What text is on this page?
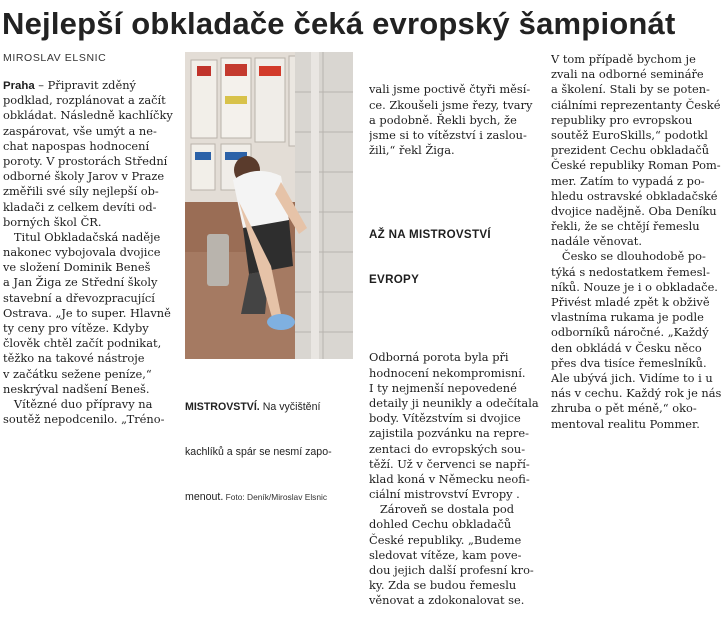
Nejlepší obkladače čeká evropský šampionát
MIROSLAV ELSNIC
Praha – Připravit zděný
podklad, rozplánovat a začít
obkládat. Následně kachlíčky
zaspárovat, vše umýt a ne-
chat napospas hodnocení
poroty. V prostorách Střední
odborné školy Jarov v Praze
změřili své síly nejlepší ob-
kladači z celkem devíti od-
borných škol ČR.
Titul Obkladačská naděje
nakonec vybojovala dvojice
ve složení Dominik Beneš
a Jan Žiga ze Střední školy
stavební a dřevozpracující
Ostrava. „Je to super. Hlavně
ty ceny pro vítěze. Kdyby
člověk chtěl začít podnikat,
těžko na takové nástroje
v začátku sežene peníze,“
neskrýval nadšení Beneš.
Vítězné duo přípravy na
soutěž nepodcenilo. „Tréno-

MISTROVSTVÍ. Na vyčištění

kachlíků a spár se nesmí zapo-

menout. Foto: Deník/Miroslav Elsnic

vali jsme poctivě čtyři měsí-
ce. Zkoušeli jsme řezy, tvary
a podobně. Řekli bych, že
jsme si to vítězství i zaslou-
žili,“ řekl Žiga.

AŽ NA MISTROVSTVÍ

EVROPY

Odborná porota byla při
hodnocení nekompromisní.
I ty nejmenší nepovedené
detaily ji neunikly a odečítala
body. Vítězstvím si dvojice
zajistila pozvánku na repre-
zentaci do evropských sou-
těží. Už v červenci se napří-
klad koná v Německu neofi-
ciální mistrovství Evropy .
Zároveň se dostala pod
dohled Cechu obkladačů
České republiky. „Budeme
sledovat vítěze, kam pove-
dou jejich další profesní kro-
ky. Zda se budou řemeslu
věnovat a zdokonalovat se.

V tom případě bychom je
zvali na odborné semináře
a školení. Stali by se poten-
ciálními reprezentanty České
republiky pro evropskou
soutěž EuroSkills,“ podotkl
prezident Cechu obkladačů
České republiky Roman Pom-
mer. Zatím to vypadá z po-
hledu ostravské obkladačské
dvojice nadějně. Oba Deníku
řekli, že se chtějí řemeslu
nadále věnovat.
Česko se dlouhodobě po-
týká s nedostatkem řemesl-
níků. Nouze je i o obkladače.
Přivést mladé zpět k obživě
vlastníma rukama je podle
odborníků náročné. „Každý
den obkládá v Česku něco
přes dva tisíce řemeslníků.
Ale ubývá jich. Vidíme to i u
nás v cechu. Každý rok je nás
zhruba o pět méně,“ oko-
mentoval realitu Pommer.
